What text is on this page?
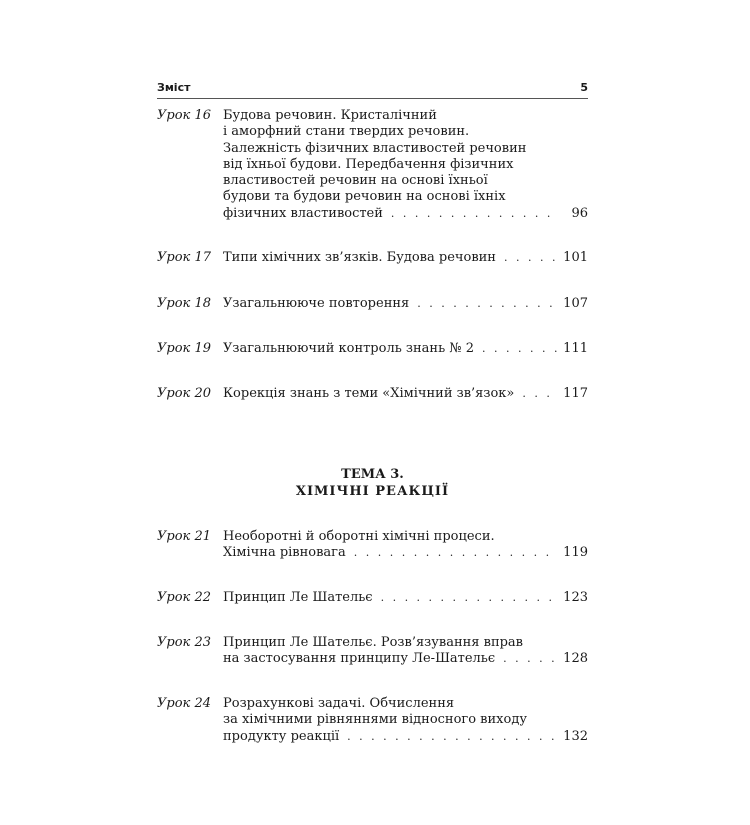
Зміст	5
Урок 16 Будова речовин. Кристалічний
і аморфний стани твердих речовин.
Залежність фізичних властивостей речовин
від їхньої будови. Передбачення фізичних
властивостей речовин на основі їхньої
будови та будови речовин на основі їхніх
фізичних властивостей . . .	96
Урок 17 Типи хімічних зв’язків. Будова речовин . . .	101
Урок 18 Узагальнююче повторення . . .	107
Урок 19 Узагальнюючий контроль знань № 2 . . .	111
Урок 20 Корекція знань з теми «Хімічний зв’язок» . . .	117
ТЕМА 3.
ХІМІЧНІ РЕАКЦІЇ
Урок 21 Необоротні й оборотні хімічні процеси.
Хімічна рівновага . . .	119
Урок 22 Принцип Ле Шательє . . .	123
Урок 23 Принцип Ле Шательє. Розв’язування вправ
на застосування принципу Ле-Шательє . . .	128
Урок 24 Розрахункові задачі. Обчислення
за хімічними рівняннями відносного виходу
продукту реакції . . .	132
